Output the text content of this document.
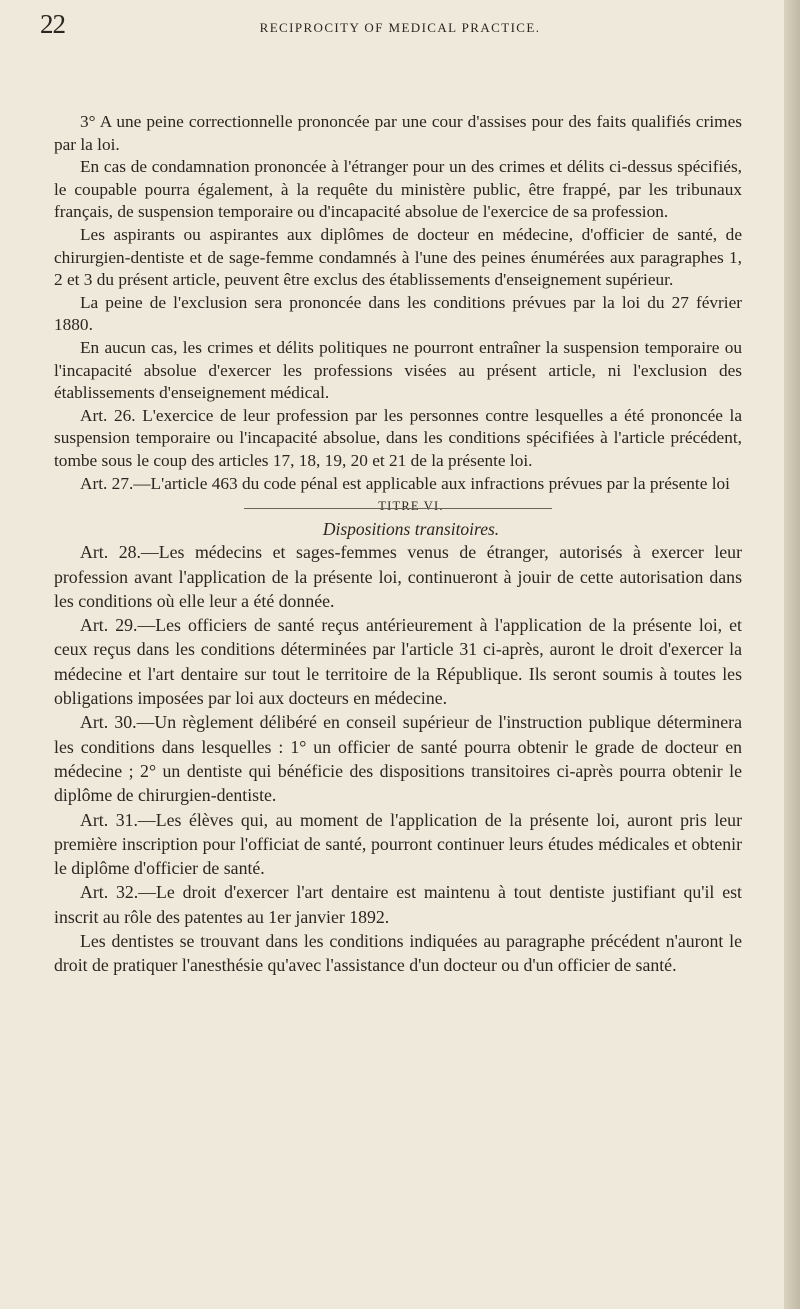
22	RECIPROCITY OF MEDICAL PRACTICE.

3° A une peine correctionnelle prononcée par une cour d'assises pour des faits qualifiés crimes par la loi.

En cas de condamnation prononcée à l'étranger pour un des crimes et délits ci-dessus spécifiés, le coupable pourra également, à la requête du ministère public, être frappé, par les tribunaux français, de suspension temporaire ou d'incapacité absolue de l'exercice de sa profession.

Les aspirants ou aspirantes aux diplômes de docteur en médecine, d'officier de santé, de chirurgien-dentiste et de sage-femme condamnés à l'une des peines énumérées aux paragraphes 1, 2 et 3 du présent article, peuvent être exclus des établissements d'enseignement supérieur.

La peine de l'exclusion sera prononcée dans les conditions prévues par la loi du 27 février 1880.

En aucun cas, les crimes et délits politiques ne pourront entraîner la suspension temporaire ou l'incapacité absolue d'exercer les professions visées au présent article, ni l'exclusion des établissements d'enseignement médical.

Art. 26. L'exercice de leur profession par les personnes contre lesquelles a été prononcée la suspension temporaire ou l'incapacité absolue, dans les conditions spécifiées à l'article précédent, tombe sous le coup des articles 17, 18, 19, 20 et 21 de la présente loi.

Art. 27.—L'article 463 du code pénal est applicable aux infractions prévues par la présente loi

TITRE VI.

Dispositions transitoires.

Art. 28.—Les médecins et sages-femmes venus de étranger, autorisés à exercer leur profession avant l'application de la présente loi, continueront à jouir de cette autorisation dans les conditions où elle leur a été donnée.

Art. 29.—Les officiers de santé reçus antérieurement à l'application de la présente loi, et ceux reçus dans les conditions déterminées par l'article 31 ci-après, auront le droit d'exercer la médecine et l'art dentaire sur tout le territoire de la République. Ils seront soumis à toutes les obligations imposées par loi aux docteurs en médecine.

Art. 30.—Un règlement délibéré en conseil supérieur de l'instruction publique déterminera les conditions dans lesquelles : 1° un officier de santé pourra obtenir le grade de docteur en médecine ; 2° un dentiste qui bénéficie des dispositions transitoires ci-après pourra obtenir le diplôme de chirurgien-dentiste.

Art. 31.—Les élèves qui, au moment de l'application de la présente loi, auront pris leur première inscription pour l'officiat de santé, pourront continuer leurs études médicales et obtenir le diplôme d'officier de santé.

Art. 32.—Le droit d'exercer l'art dentaire est maintenu à tout dentiste justifiant qu'il est inscrit au rôle des patentes au 1er janvier 1892.

Les dentistes se trouvant dans les conditions indiquées au paragraphe précédent n'auront le droit de pratiquer l'anesthésie qu'avec l'assistance d'un docteur ou d'un officier de santé.
